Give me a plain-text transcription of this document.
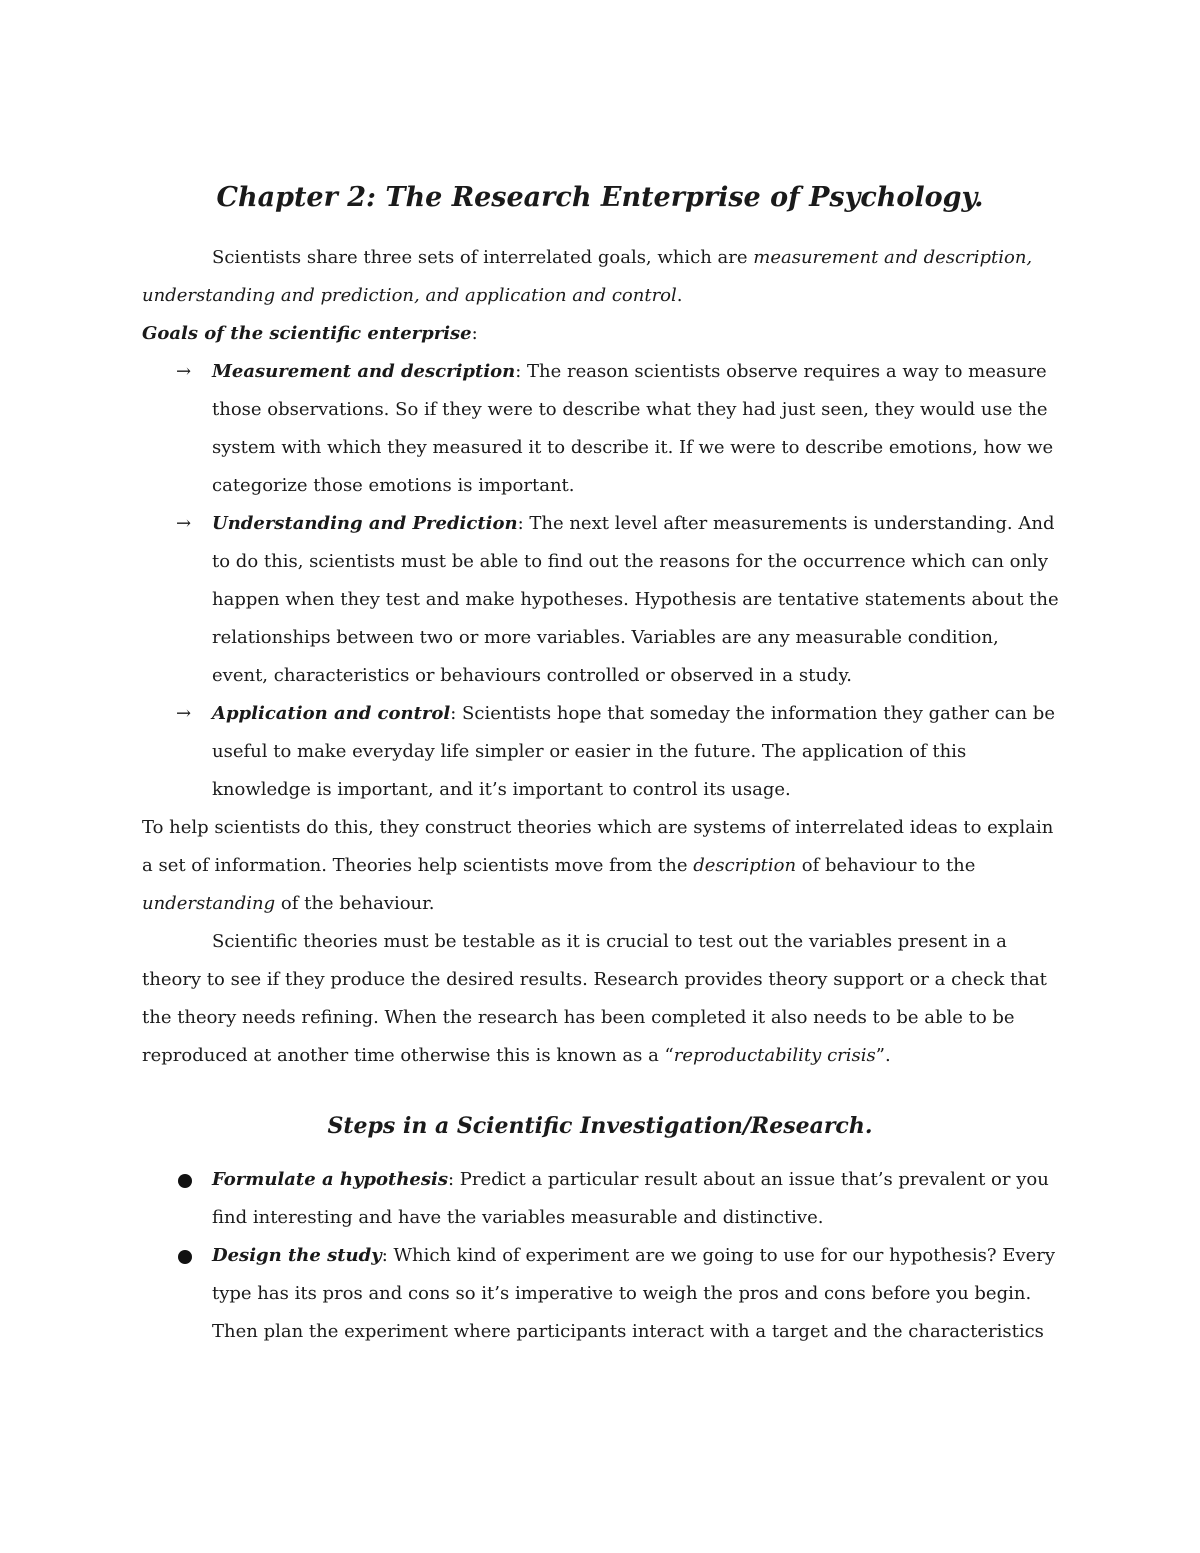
Chapter 2: The Research Enterprise of Psychology.

Scientists share three sets of interrelated goals, which are measurement and description,

understanding and prediction, and application and control.

Goals of the scientific enterprise:

→ Measurement and description: The reason scientists observe requires a way to measure

those observations. So if they were to describe what they had just seen, they would use the

system with which they measured it to describe it. If we were to describe emotions, how we

categorize those emotions is important.

→ Understanding and Prediction: The next level after measurements is understanding. And

to do this, scientists must be able to find out the reasons for the occurrence which can only

happen when they test and make hypotheses. Hypothesis are tentative statements about the

relationships between two or more variables. Variables are any measurable condition,

event, characteristics or behaviours controlled or observed in a study.

→ Application and control: Scientists hope that someday the information they gather can be

useful to make everyday life simpler or easier in the future. The application of this

knowledge is important, and it’s important to control its usage.

To help scientists do this, they construct theories which are systems of interrelated ideas to explain

a set of information. Theories help scientists move from the description of behaviour to the

understanding of the behaviour.

Scientific theories must be testable as it is crucial to test out the variables present in a

theory to see if they produce the desired results. Research provides theory support or a check that

the theory needs refining. When the research has been completed it also needs to be able to be

reproduced at another time otherwise this is known as a “reproductability crisis”.

Steps in a Scientific Investigation/Research.

Formulate a hypothesis: Predict a particular result about an issue that’s prevalent or you

find interesting and have the variables measurable and distinctive.

Design the study: Which kind of experiment are we going to use for our hypothesis? Every

type has its pros and cons so it’s imperative to weigh the pros and cons before you begin.

Then plan the experiment where participants interact with a target and the characteristics
